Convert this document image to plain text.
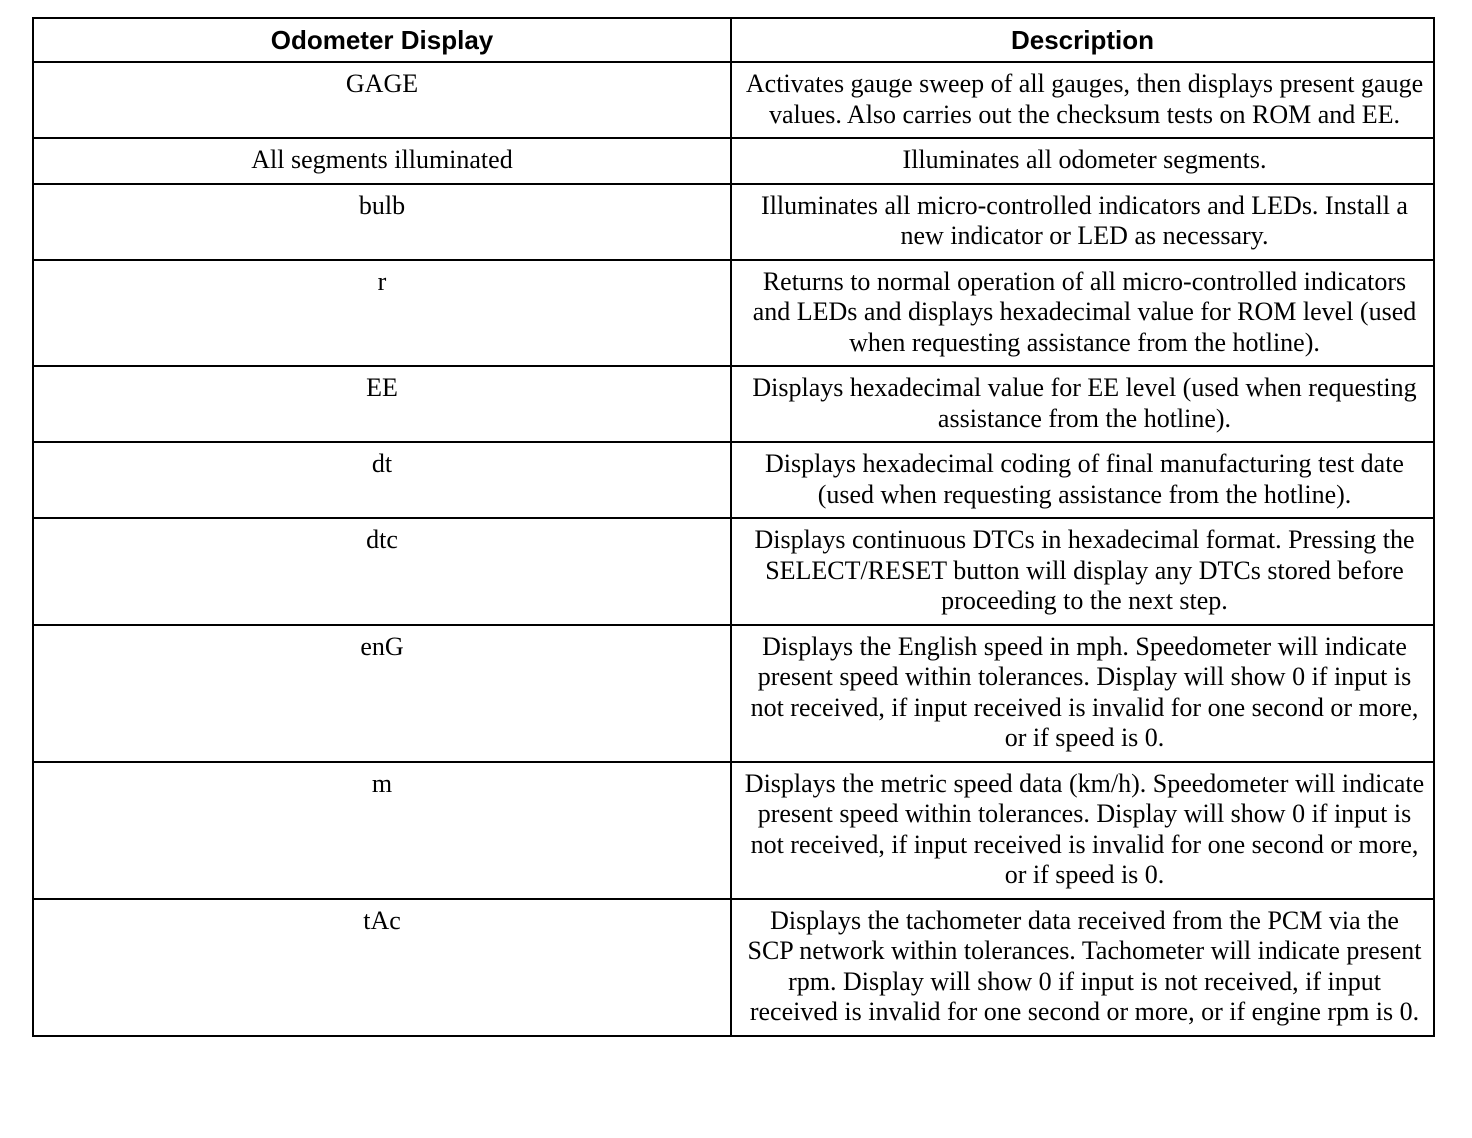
Odometer Display	Description
GAGE	Activates gauge sweep of all gauges, then displays present gauge values. Also carries out the checksum tests on ROM and EE.
All segments illuminated	Illuminates all odometer segments.
bulb	Illuminates all micro-controlled indicators and LEDs. Install a new indicator or LED as necessary.
r	Returns to normal operation of all micro-controlled indicators and LEDs and displays hexadecimal value for ROM level (used when requesting assistance from the hotline).
EE	Displays hexadecimal value for EE level (used when requesting assistance from the hotline).
dt	Displays hexadecimal coding of final manufacturing test date (used when requesting assistance from the hotline).
dtc	Displays continuous DTCs in hexadecimal format. Pressing the SELECT/RESET button will display any DTCs stored before proceeding to the next step.
enG	Displays the English speed in mph. Speedometer will indicate present speed within tolerances. Display will show 0 if input is not received, if input received is invalid for one second or more, or if speed is 0.
m	Displays the metric speed data (km/h). Speedometer will indicate present speed within tolerances. Display will show 0 if input is not received, if input received is invalid for one second or more, or if speed is 0.
tAc	Displays the tachometer data received from the PCM via the SCP network within tolerances. Tachometer will indicate present rpm. Display will show 0 if input is not received, if input received is invalid for one second or more, or if engine rpm is 0.
